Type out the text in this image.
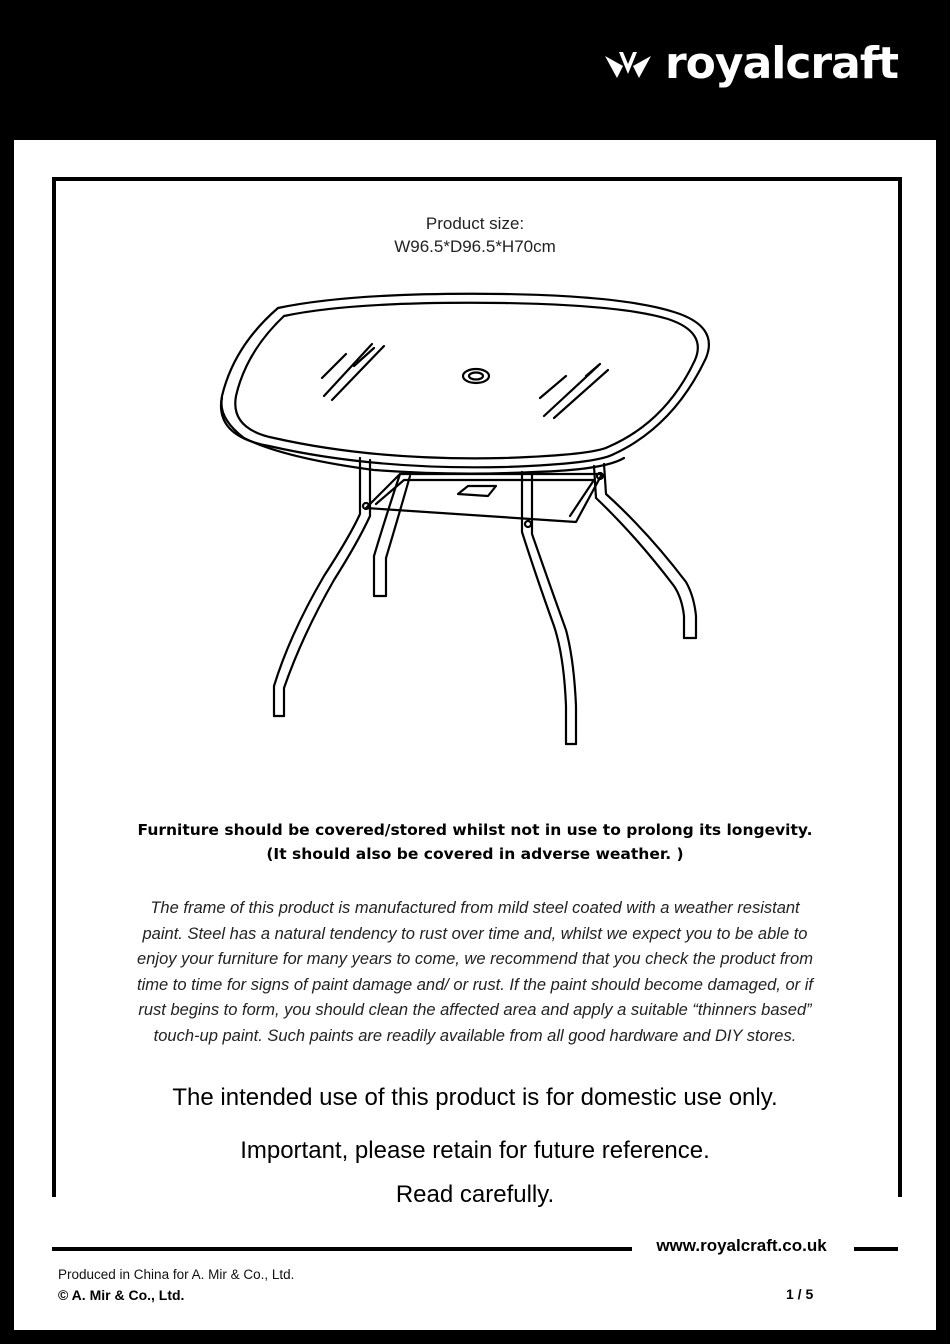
royalcraft
Product size:
W96.5*D96.5*H70cm
Furniture should be covered/stored whilst not in use to prolong its longevity.
(It should also be covered in adverse weather. )
The frame of this product is manufactured from mild steel coated with a weather resistant
paint. Steel has a natural tendency to rust over time and, whilst we expect you to be able to
enjoy your furniture for many years to come, we recommend that you check the product from
time to time for signs of paint damage and/ or rust. If the paint should become damaged, or if
rust begins to form, you should clean the affected area and apply a suitable “thinners based”
touch-up paint. Such paints are readily available from all good hardware and DIY stores.
The intended use of this product is for domestic use only.
Important, please retain for future reference.
Read carefully.
www.royalcraft.co.uk
Produced in China for A. Mir & Co., Ltd.
© A. Mir & Co., Ltd.	1 / 5
